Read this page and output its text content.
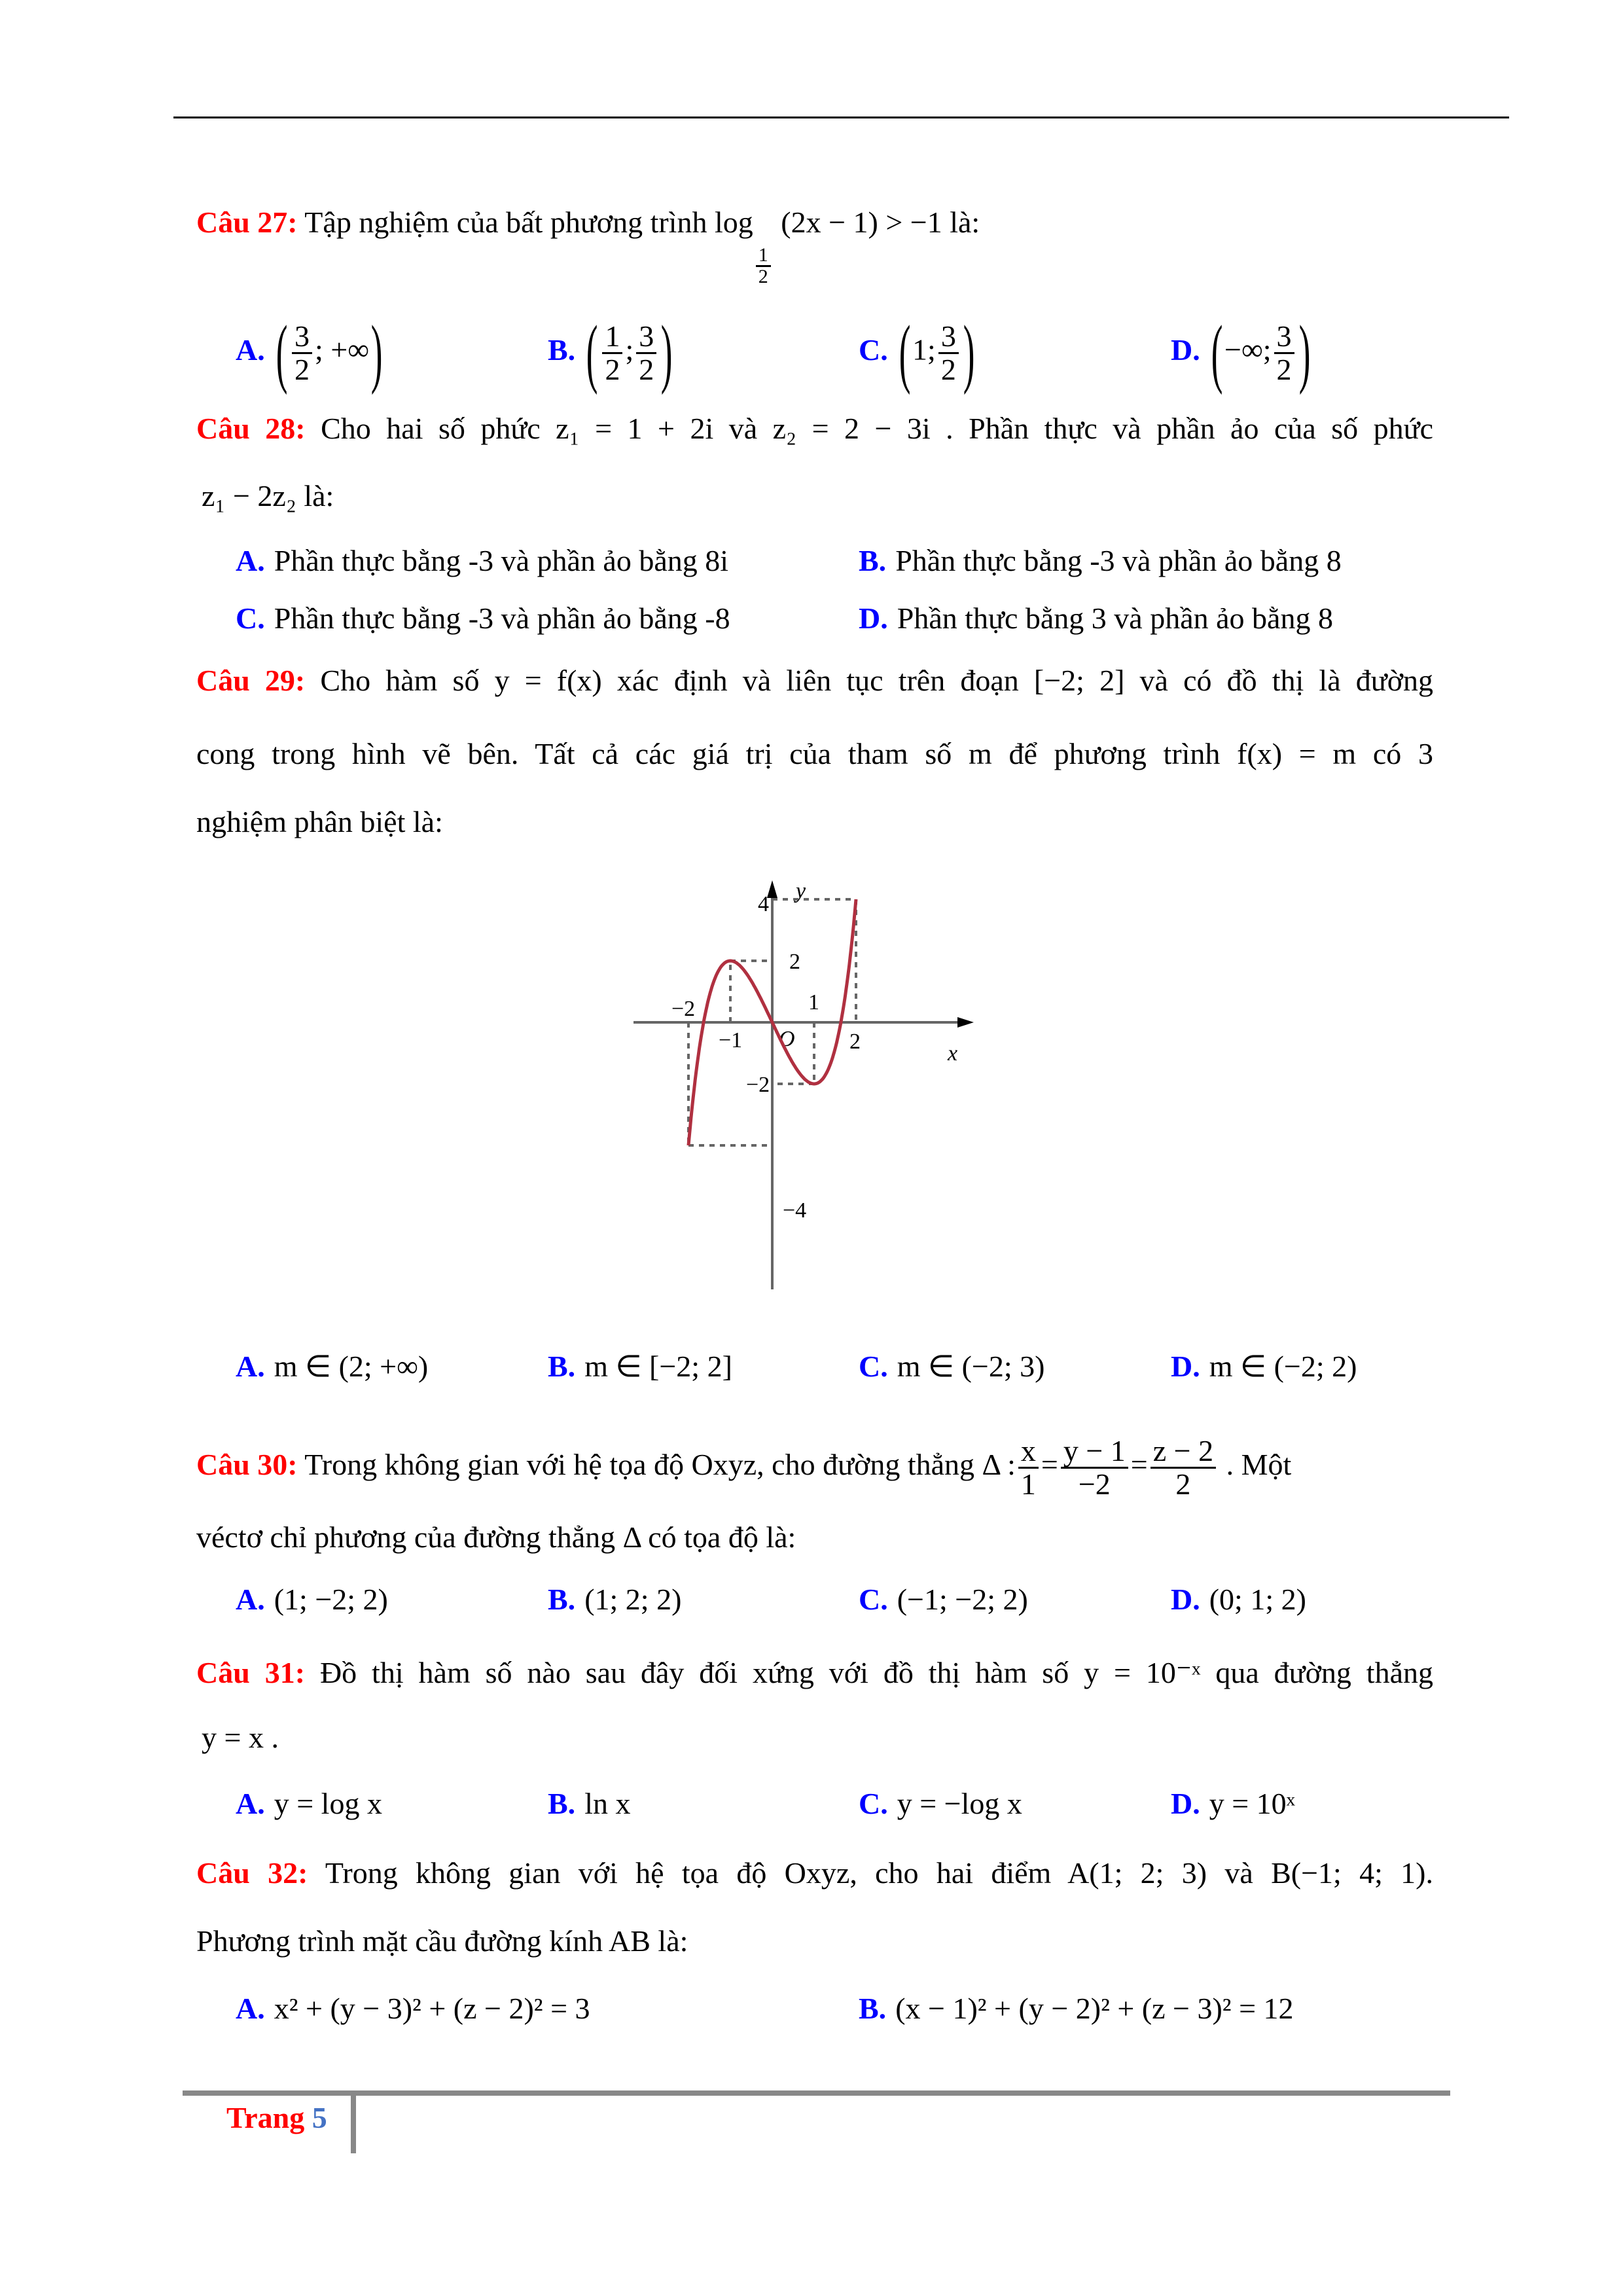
Câu 27: Tập nghiệm của bất phương trình log
$\frac{1}{2}$
(2x − 1) > −1 là:
A. ( $\frac{3}{2}$ ; +∞)	B. ( $\frac{1}{2}$ ; $\frac{3}{2}$ )	C. (1; $\frac{3}{2}$ )	D. (−∞; $\frac{3}{2}$ )
Câu 28: Cho hai số phức z₁ = 1 + 2i và z₂ = 2 − 3i . Phần thực và phần ảo của số phức
z₁ − 2z₂ là:
A. Phần thực bằng -3 và phần ảo bằng 8i	B. Phần thực bằng -3 và phần ảo bằng 8
C. Phần thực bằng -3 và phần ảo bằng -8	D. Phần thực bằng 3 và phần ảo bằng 8
Câu 29: Cho hàm số y = f(x) xác định và liên tục trên đoạn [−2; 2] và có đồ thị là đường
cong trong hình vẽ bên. Tất cả các giá trị của tham số m để phương trình f(x) = m có 3
nghiệm phân biệt là:
x
y
O
−2
−1
1
2
4
2
−2
−4
A. m ∈ (2; +∞)	B. m ∈ [−2; 2]	C. m ∈ (−2; 3)	D. m ∈ (−2; 2)
Câu 30: Trong không gian với hệ tọa độ Oxyz, cho đường thẳng Δ : $\frac{x}{1} = \frac{y - 1}{-2} = \frac{z - 2}{2}$ . Một
véctơ chỉ phương của đường thẳng Δ có tọa độ là:
A. (1; −2; 2)	B. (1; 2; 2)	C. (−1; −2; 2)	D. (0; 1; 2)
Câu 31: Đồ thị hàm số nào sau đây đối xứng với đồ thị hàm số y = 10⁻ˣ qua đường thẳng
y = x .
A. y = log x	B. ln x	C. y = −log x	D. y = 10ˣ
Câu 32: Trong không gian với hệ tọa độ Oxyz, cho hai điểm A(1; 2; 3) và B(−1; 4; 1).
Phương trình mặt cầu đường kính AB là:
A. x² + (y − 3)² + (z − 2)² = 3	B. (x − 1)² + (y − 2)² + (z − 3)² = 12
Trang 5
